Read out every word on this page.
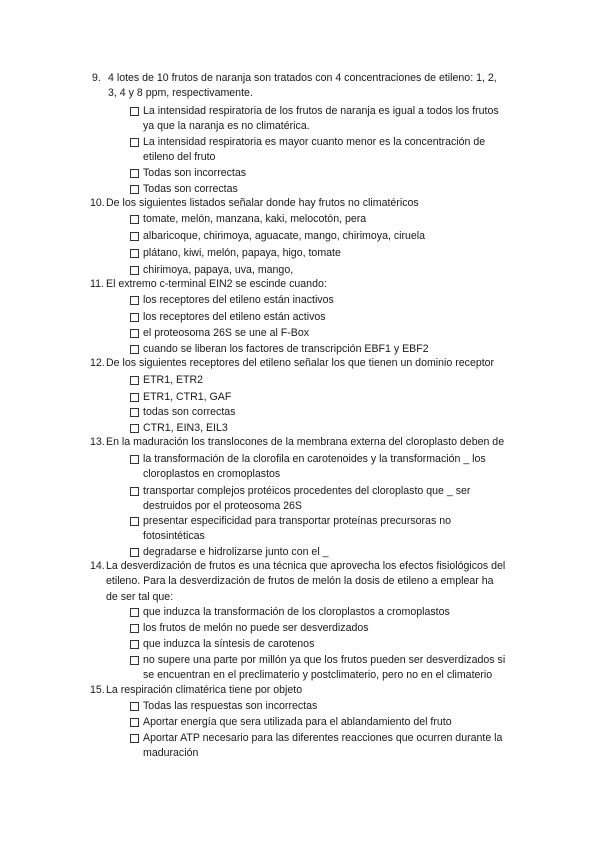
9. 4 lotes de 10 frutos de naranja son tratados con 4 concentraciones de etileno: 1, 2,
3, 4 y 8 ppm, respectivamente.
La intensidad respiratoria de los frutos de naranja es igual a todos los frutos
ya que la naranja es no climatérica.
La intensidad respiratoria es mayor cuanto menor es la concentración de
etileno del fruto
Todas son incorrectas
Todas son correctas
10. De los siguientes listados señalar donde hay frutos no climatéricos
tomate, melón, manzana, kaki, melocotón, pera
albaricoque, chirimoya, aguacate, mango, chirimoya, ciruela
plátano, kiwi, melón, papaya, higo, tomate
chirimoya, papaya, uva, mango,
11. El extremo c-terminal EIN2 se escinde cuando:
los receptores del etileno están inactivos
los receptores del etileno están activos
el proteosoma 26S se une al F-Box
cuando se liberan los factores de transcripción EBF1 y EBF2
12. De los siguientes receptores del etileno señalar los que tienen un dominio receptor
ETR1, ETR2
ETR1, CTR1, GAF
todas son correctas
CTR1, EIN3, EIL3
13. En la maduración los translocones de la membrana externa del cloroplasto deben de
la transformación de la clorofila en carotenoides y la transformación _ los
cloroplastos en cromoplastos
transportar complejos protéicos procedentes del cloroplasto que _ ser
destruidos por el proteosoma 26S
presentar especificidad para transportar proteínas precursoras no
fotosintéticas
degradarse e hidrolizarse junto con el _
14. La desverdización de frutos es una técnica que aprovecha los efectos fisiológicos del
etileno. Para la desverdización de frutos de melón la dosis de etileno a emplear ha
de ser tal que:
que induzca la transformación de los cloroplastos a cromoplastos
los frutos de melón no puede ser desverdizados
que induzca la síntesis de carotenos
no supere una parte por millón ya que los frutos pueden ser desverdizados si
se encuentran en el preclimaterio y postclimaterio, pero no en el climaterio
15. La respiración climatérica tiene por objeto
Todas las respuestas son incorrectas
Aportar energía que sera utilizada para el ablandamiento del fruto
Aportar ATP necesario para las diferentes reacciones que ocurren durante la
maduración
